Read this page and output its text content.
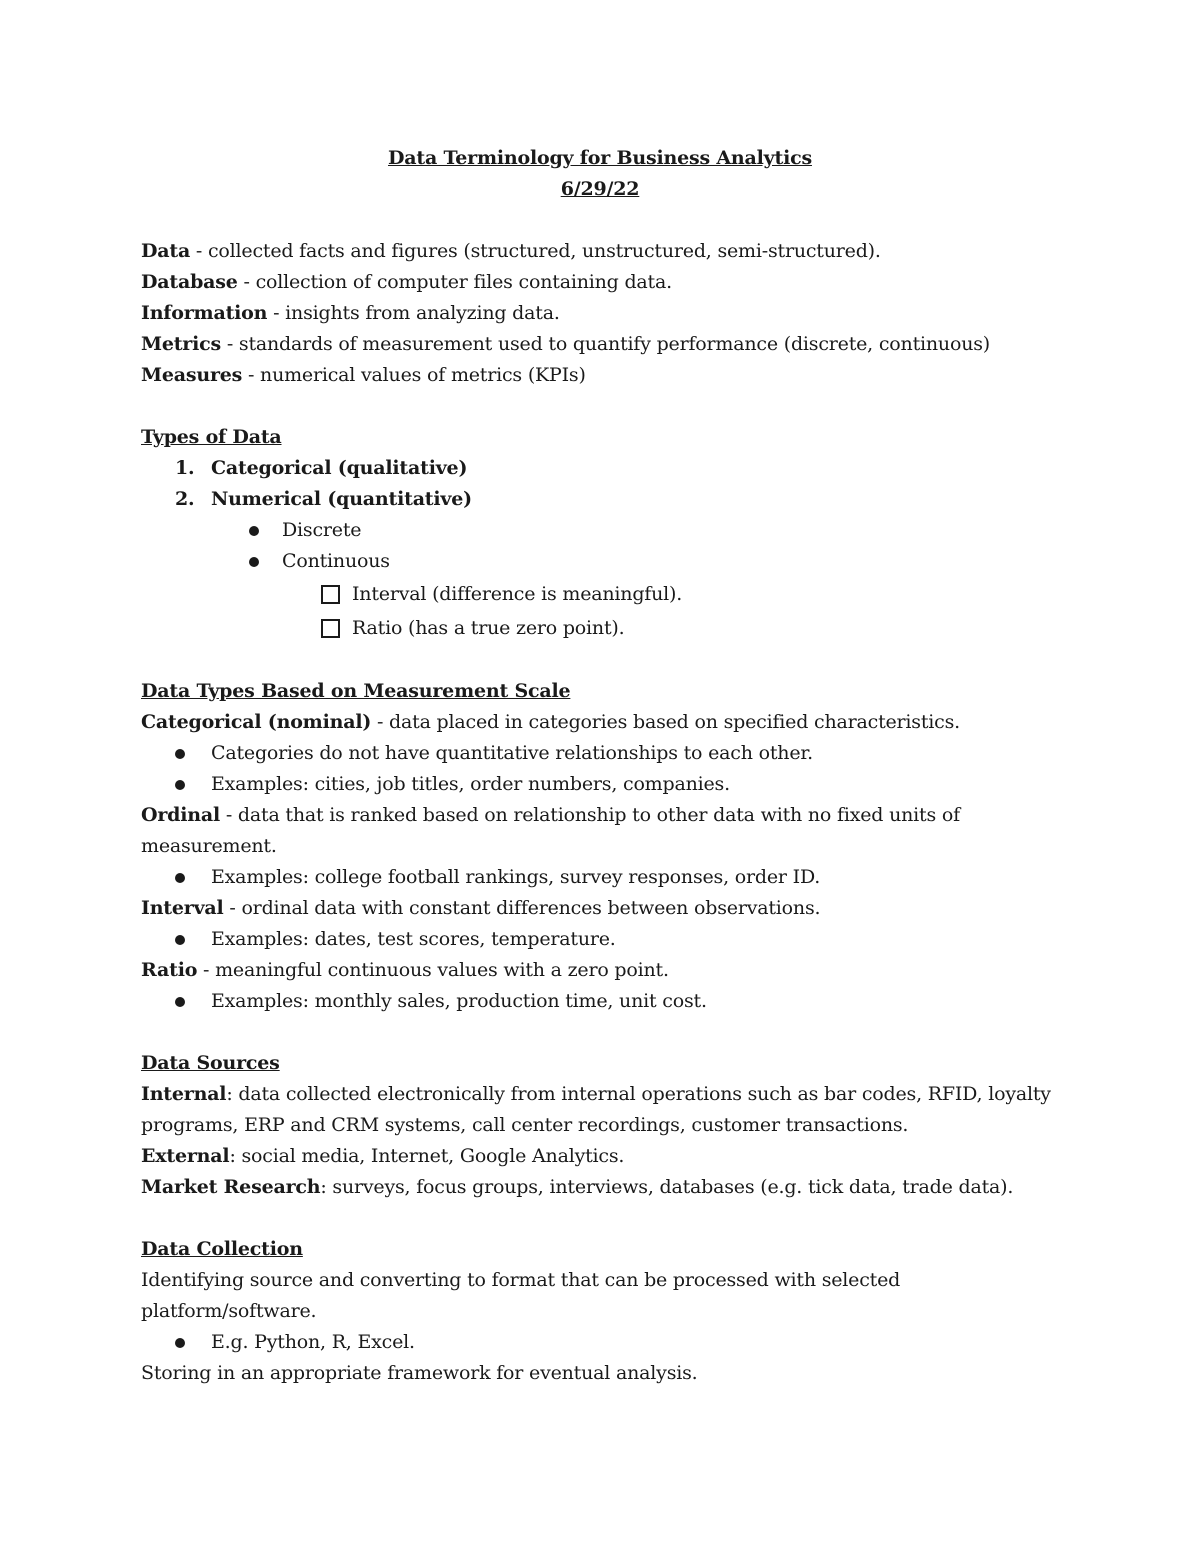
Data Terminology for Business Analytics
6/29/22
Data - collected facts and figures (structured, unstructured, semi-structured).
Database - collection of computer files containing data.
Information - insights from analyzing data.
Metrics - standards of measurement used to quantify performance (discrete, continuous)
Measures - numerical values of metrics (KPIs)
Types of Data
1. Categorical (qualitative)
2. Numerical (quantitative)
Discrete
Continuous
Interval (difference is meaningful).
Ratio (has a true zero point).
Data Types Based on Measurement Scale
Categorical (nominal) - data placed in categories based on specified characteristics.
Categories do not have quantitative relationships to each other.
Examples: cities, job titles, order numbers, companies.
Ordinal - data that is ranked based on relationship to other data with no fixed units of measurement.
Examples: college football rankings, survey responses, order ID.
Interval - ordinal data with constant differences between observations.
Examples: dates, test scores, temperature.
Ratio - meaningful continuous values with a zero point.
Examples: monthly sales, production time, unit cost.
Data Sources
Internal: data collected electronically from internal operations such as bar codes, RFID, loyalty programs, ERP and CRM systems, call center recordings, customer transactions.
External: social media, Internet, Google Analytics.
Market Research: surveys, focus groups, interviews, databases (e.g. tick data, trade data).
Data Collection
Identifying source and converting to format that can be processed with selected platform/software.
E.g. Python, R, Excel.
Storing in an appropriate framework for eventual analysis.
